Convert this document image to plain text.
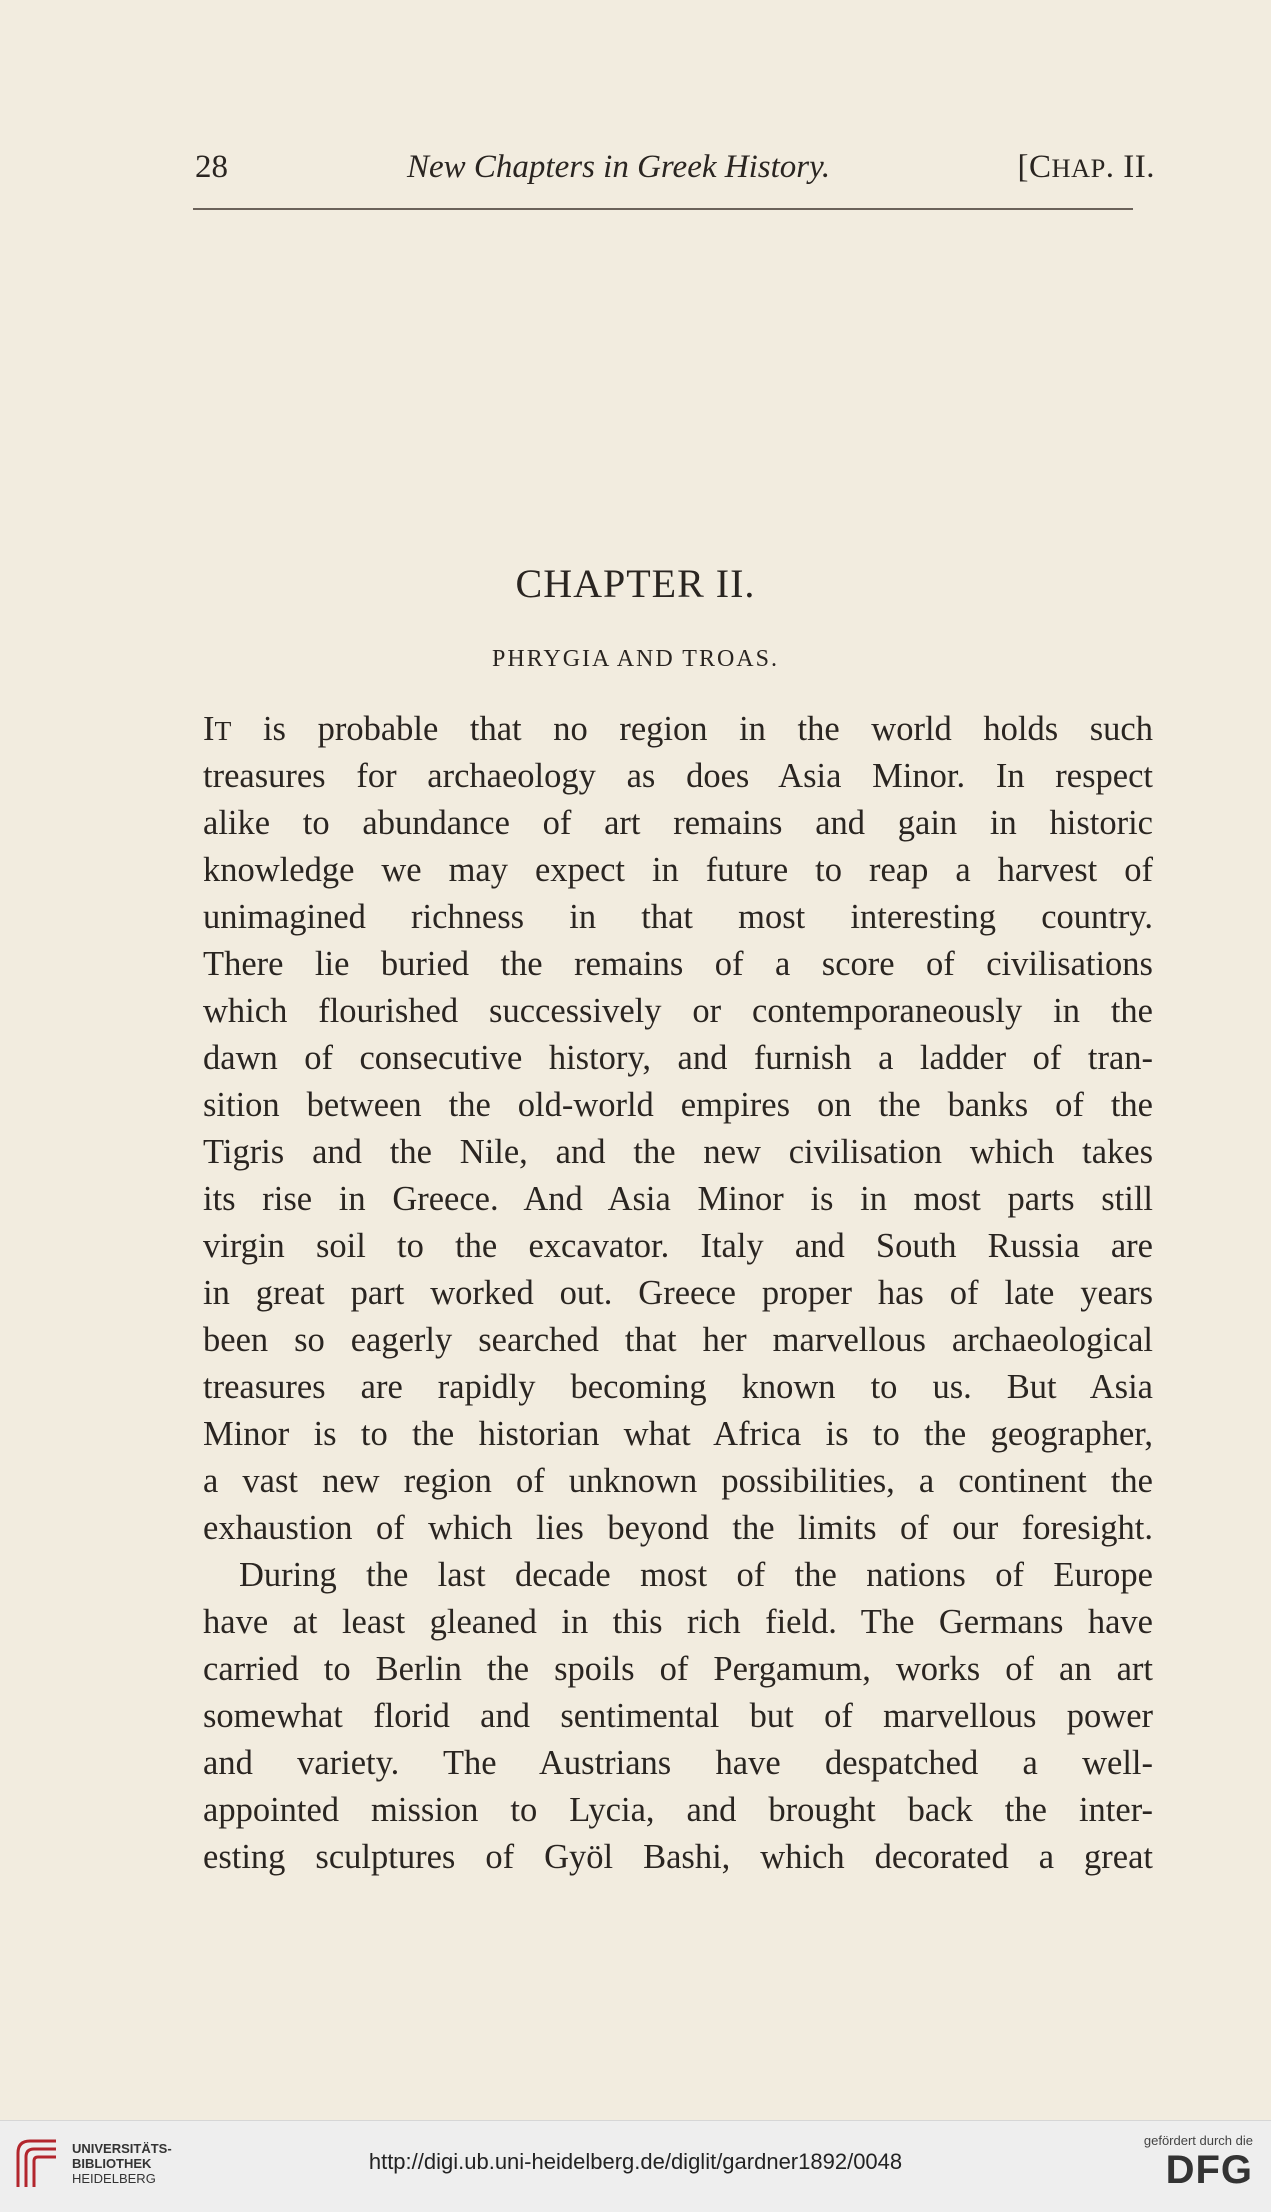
28	New Chapters in Greek History.	[CHAP. II.
CHAPTER II.
PHRYGIA AND TROAS.
IT is probable that no region in the world holds such
treasures for archaeology as does Asia Minor. In respect
alike to abundance of art remains and gain in historic
knowledge we may expect in future to reap a harvest of
unimagined richness in that most interesting country.
There lie buried the remains of a score of civilisations
which flourished successively or contemporaneously in the
dawn of consecutive history, and furnish a ladder of tran-
sition between the old-world empires on the banks of the
Tigris and the Nile, and the new civilisation which takes
its rise in Greece. And Asia Minor is in most parts still
virgin soil to the excavator. Italy and South Russia are
in great part worked out. Greece proper has of late years
been so eagerly searched that her marvellous archaeological
treasures are rapidly becoming known to us. But Asia
Minor is to the historian what Africa is to the geographer,
a vast new region of unknown possibilities, a continent the
exhaustion of which lies beyond the limits of our foresight.
During the last decade most of the nations of Europe
have at least gleaned in this rich field. The Germans have
carried to Berlin the spoils of Pergamum, works of an art
somewhat florid and sentimental but of marvellous power
and variety. The Austrians have despatched a well-
appointed mission to Lycia, and brought back the inter-
esting sculptures of Gyöl Bashi, which decorated a great
UNIVERSITÄTS-
BIBLIOTHEK
HEIDELBERG
http://digi.ub.uni-heidelberg.de/diglit/gardner1892/0048
gefördert durch die
DFG
